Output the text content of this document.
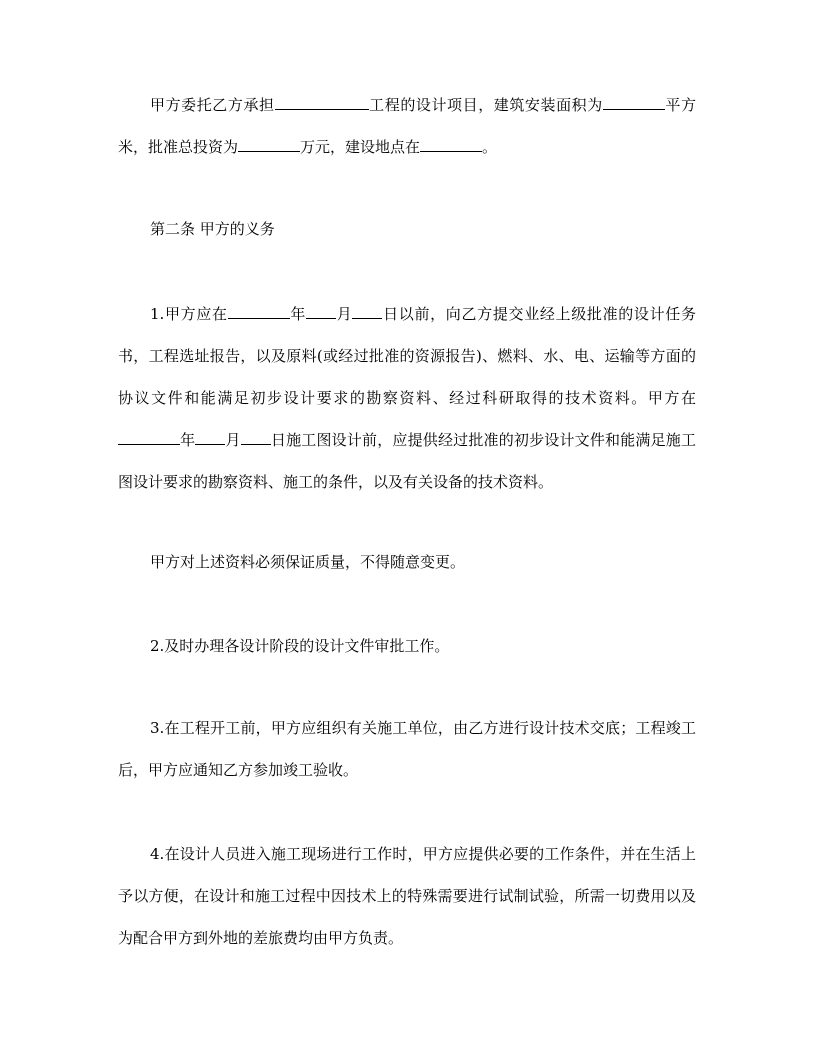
甲方委托乙方承担	工程的设计项目，建筑安装面积为	平方米，批准总投资为	万元，建设地点在	。

第二条 甲方的义务

1.甲方应在	年 月 日以前，向乙方提交业经上级批准的设计任务书，工程选址报告，以及原料(或经过批准的资源报告)、燃料、水、电、运输等方面的协议文件和能满足初步设计要求的勘察资料、经过科研取得的技术资料。甲方在年 月 日施工图设计前，应提供经过批准的初步设计文件和能满足施工图设计要求的勘察资料、施工的条件，以及有关设备的技术资料。

甲方对上述资料必须保证质量，不得随意变更。

2.及时办理各设计阶段的设计文件审批工作。

3.在工程开工前，甲方应组织有关施工单位，由乙方进行设计技术交底；工程竣工后，甲方应通知乙方参加竣工验收。

4.在设计人员进入施工现场进行工作时，甲方应提供必要的工作条件，并在生活上予以方便，在设计和施工过程中因技术上的特殊需要进行试制试验，所需一切费用以及为配合甲方到外地的差旅费均由甲方负责。
